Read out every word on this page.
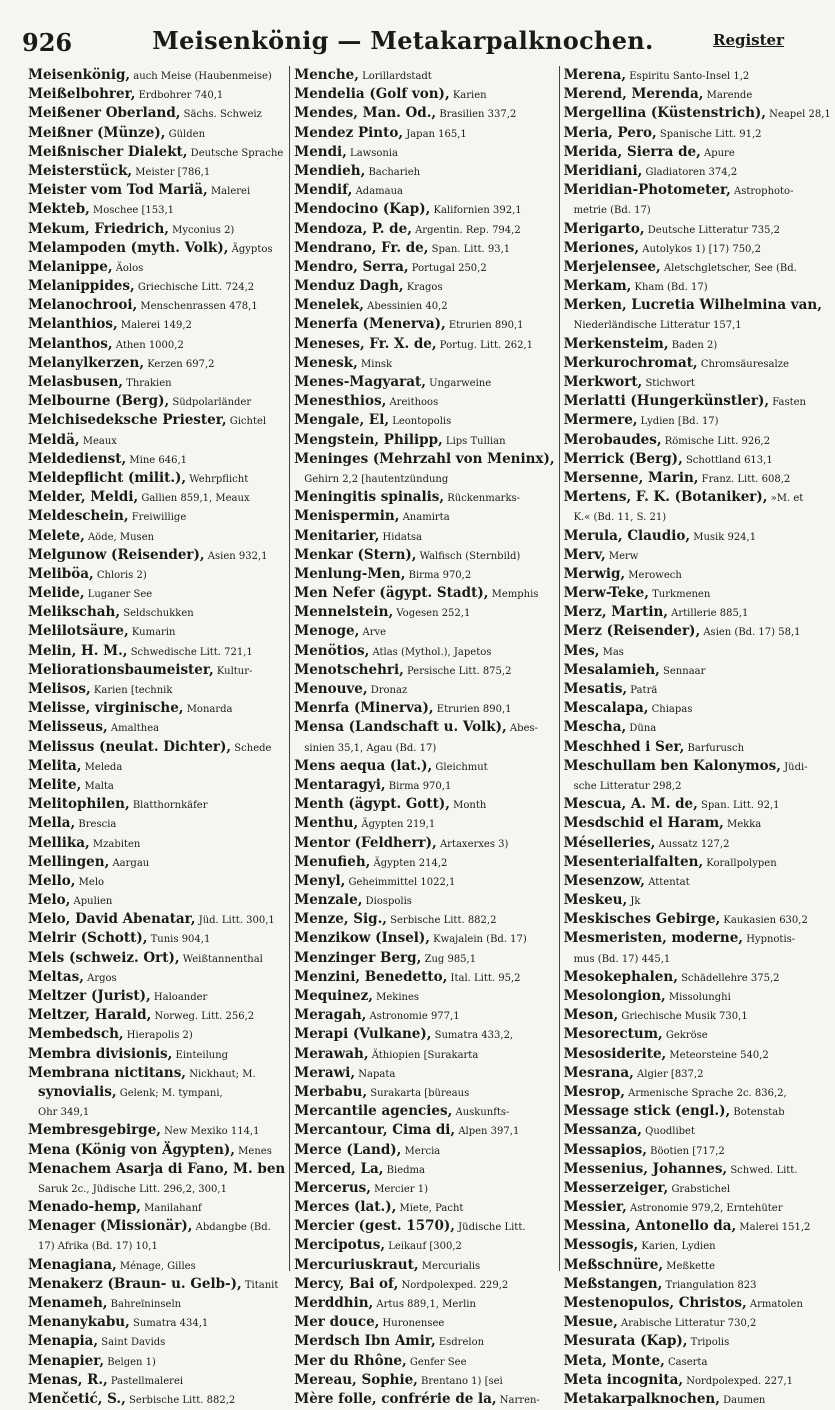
926	Meisenkönig — Metakarpalknochen.	Register
Meisenkönig, auch Meise (Haubenmeise)
Meißelbohrer, Erdbohrer 740,1
Meißener Oberland, Sächs. Schweiz
Meißner (Münze), Gülden
Meißnischer Dialekt, Deutsche Sprache
Meisterstück, Meister [786,1
Meister vom Tod Mariä, Malerei
Mekteb, Moschee [153,1
Mekum, Friedrich, Myconius 2)
Melampoden (myth. Volk), Ägyptos
Melanippe, Äolos
Melanippides, Griechische Litt. 724,2
Melanochrooi, Menschenrassen 478,1
Melanthios, Malerei 149,2
Melanthos, Athen 1000,2
Melanylkerzen, Kerzen 697,2
Melasbusen, Thrakien
Melbourne (Berg), Südpolarländer
Melchisedeksche Priester, Gichtel
Meldä, Meaux
Meldedienst, Mine 646,1
Meldepflicht (milit.), Wehrpflicht
Melder, Meldi, Gallien 859,1, Meaux
Meldeschein, Freiwillige
Melete, Aöde, Musen
Melgunow (Reisender), Asien 932,1
Meliböa, Chloris 2)
Melide, Luganer See
Melikschah, Seldschukken
Melilotsäure, Kumarin
Melin, H. M., Schwedische Litt. 721,1
Meliorationsbaumeister, Kultur-
Melisos, Karien [technik
Melisse, virginische, Monarda
Melisseus, Amalthea
Melissus (neulat. Dichter), Schede
Melita, Meleda
Melite, Malta
Melitophilen, Blatthornkäfer
Mella, Brescia
Mellika, Mzabiten
Mellingen, Aargau
Mello, Melo
Melo, Apulien
Melo, David Abenatar, Jüd. Litt. 300,1
Melrir (Schott), Tunis 904,1
Mels (schweiz. Ort), Weißtannenthal
Meltas, Argos
Meltzer (Jurist), Haloander
Meltzer, Harald, Norweg. Litt. 256,2
Membedsch, Hierapolis 2)
Membra divisionis, Einteilung
Membrana nictitans, Nickhaut; M.
synovialis, Gelenk; M. tympani,
Ohr 349,1
Membresgebirge, New Mexiko 114,1
Mena (König von Ägypten), Menes
Menachem Asarja di Fano, M. ben
Saruk 2c., Jüdische Litt. 296,2, 300,1
Menado-hemp, Manilahanf
Menager (Missionär), Abdangbe (Bd.
17) Afrika (Bd. 17) 10,1
Menagiana, Ménage, Gilles
Menakerz (Braun- u. Gelb-), Titanit
Menameh, Bahreïninseln
Menanykabu, Sumatra 434,1
Menapia, Saint Davids
Menapier, Belgen 1)
Menas, R., Pastellmalerei
Menčetić, S., Serbische Litt. 882,2
Menche, Lorillardstadt
Mendelia (Golf von), Karien
Mendes, Man. Od., Brasilien 337,2
Mendez Pinto, Japan 165,1
Mendi, Lawsonia
Mendieh, Bacharieh
Mendif, Adamaua
Mendocino (Kap), Kalifornien 392,1
Mendoza, P. de, Argentin. Rep. 794,2
Mendrano, Fr. de, Span. Litt. 93,1
Mendro, Serra, Portugal 250,2
Menduz Dagh, Kragos
Menelek, Abessinien 40,2
Menerfa (Menerva), Etrurien 890,1
Meneses, Fr. X. de, Portug. Litt. 262,1
Menesk, Minsk
Menes-Magyarat, Ungarweine
Menesthios, Areithoos
Mengale, El, Leontopolis
Mengstein, Philipp, Lips Tullian
Meninges (Mehrzahl von Meninx),
Gehirn 2,2 [hautentzündung
Meningitis spinalis, Rückenmarks-
Menispermin, Anamirta
Menitarier, Hidatsa
Menkar (Stern), Walfisch (Sternbild)
Menlung-Men, Birma 970,2
Men Nefer (ägypt. Stadt), Memphis
Mennelstein, Vogesen 252,1
Menoge, Arve
Menötios, Atlas (Mythol.), Japetos
Menotschehri, Persische Litt. 875,2
Menouve, Dronaz
Menrfa (Minerva), Etrurien 890,1
Mensa (Landschaft u. Volk), Abes-
sinien 35,1, Agau (Bd. 17)
Mens aequa (lat.), Gleichmut
Mentaragyi, Birma 970,1
Menth (ägypt. Gott), Month
Menthu, Ägypten 219,1
Mentor (Feldherr), Artaxerxes 3)
Menufieh, Ägypten 214,2
Menyl, Geheimmittel 1022,1
Menzale, Diospolis
Menze, Sig., Serbische Litt. 882,2
Menzikow (Insel), Kwajalein (Bd. 17)
Menzinger Berg, Zug 985,1
Menzini, Benedetto, Ital. Litt. 95,2
Mequinez, Mekines
Meragah, Astronomie 977,1
Merapi (Vulkane), Sumatra 433,2,
Merawah, Äthiopien [Surakarta
Merawi, Napata
Merbabu, Surakarta [büreaus
Mercantile agencies, Auskunfts-
Mercantour, Cima di, Alpen 397,1
Merce (Land), Mercia
Merced, La, Biedma
Mercerus, Mercier 1)
Merces (lat.), Miete, Pacht
Mercier (gest. 1570), Jüdische Litt.
Mercipotus, Leikauf [300,2
Mercuriuskraut, Mercurialis
Mercy, Bai of, Nordpolexped. 229,2
Merddhin, Artus 889,1, Merlin
Mer douce, Huronensee
Merdsch Ibn Amir, Esdrelon
Mer du Rhône, Genfer See
Mereau, Sophie, Brentano 1) [sei
Mère folle, confrérie de la, Narren-
Merena, Espiritu Santo-Insel 1,2
Merend, Merenda, Marende
Mergellina (Küstenstrich), Neapel 28,1
Meria, Pero, Spanische Litt. 91,2
Merida, Sierra de, Apure
Meridiani, Gladiatoren 374,2
Meridian-Photometer, Astrophoto-
metrie (Bd. 17)
Merigarto, Deutsche Litteratur 735,2
Meriones, Autolykos 1) [17) 750,2
Merjelensee, Aletschgletscher, See (Bd.
Merkam, Kham (Bd. 17)
Merken, Lucretia Wilhelmina van,
Niederländische Litteratur 157,1
Merkensteim, Baden 2)
Merkurochromat, Chromsäuresalze
Merkwort, Stichwort
Merlatti (Hungerkünstler), Fasten
Mermere, Lydien [Bd. 17)
Merobaudes, Römische Litt. 926,2
Merrick (Berg), Schottland 613,1
Mersenne, Marin, Franz. Litt. 608,2
Mertens, F. K. (Botaniker), »M. et
K.« (Bd. 11, S. 21)
Merula, Claudio, Musik 924,1
Merv, Merw
Merwig, Merowech
Merw-Teke, Turkmenen
Merz, Martin, Artillerie 885,1
Merz (Reisender), Asien (Bd. 17) 58,1
Mes, Mas
Mesalamieh, Sennaar
Mesatis, Paträ
Mescalapa, Chiapas
Mescha, Düna
Meschhed i Ser, Barfurusch
Meschullam ben Kalonymos, Jüdi-
sche Litteratur 298,2
Mescua, A. M. de, Span. Litt. 92,1
Mesdschid el Haram, Mekka
Méselleries, Aussatz 127,2
Mesenterialfalten, Korallpolypen
Mesenzow, Attentat
Meskeu, Jk
Meskisches Gebirge, Kaukasien 630,2
Mesmeristen, moderne, Hypnotis-
mus (Bd. 17) 445,1
Mesokephalen, Schädellehre 375,2
Mesolongion, Missolunghi
Meson, Griechische Musik 730,1
Mesorectum, Gekröse
Mesosiderite, Meteorsteine 540,2
Mesrana, Algier [837,2
Mesrop, Armenische Sprache 2c. 836,2,
Message stick (engl.), Botenstab
Messanza, Quodlibet
Messapios, Böotien [717,2
Messenius, Johannes, Schwed. Litt.
Messerzeiger, Grabstichel
Messier, Astronomie 979,2, Erntehüter
Messina, Antonello da, Malerei 151,2
Messogis, Karien, Lydien
Meßschnüre, Meßkette
Meßstangen, Triangulation 823
Mestenopulos, Christos, Armatolen
Mesue, Arabische Litteratur 730,2
Mesurata (Kap), Tripolis
Meta, Monte, Caserta
Meta incognita, Nordpolexped. 227,1
Metakarpalknochen, Daumen
